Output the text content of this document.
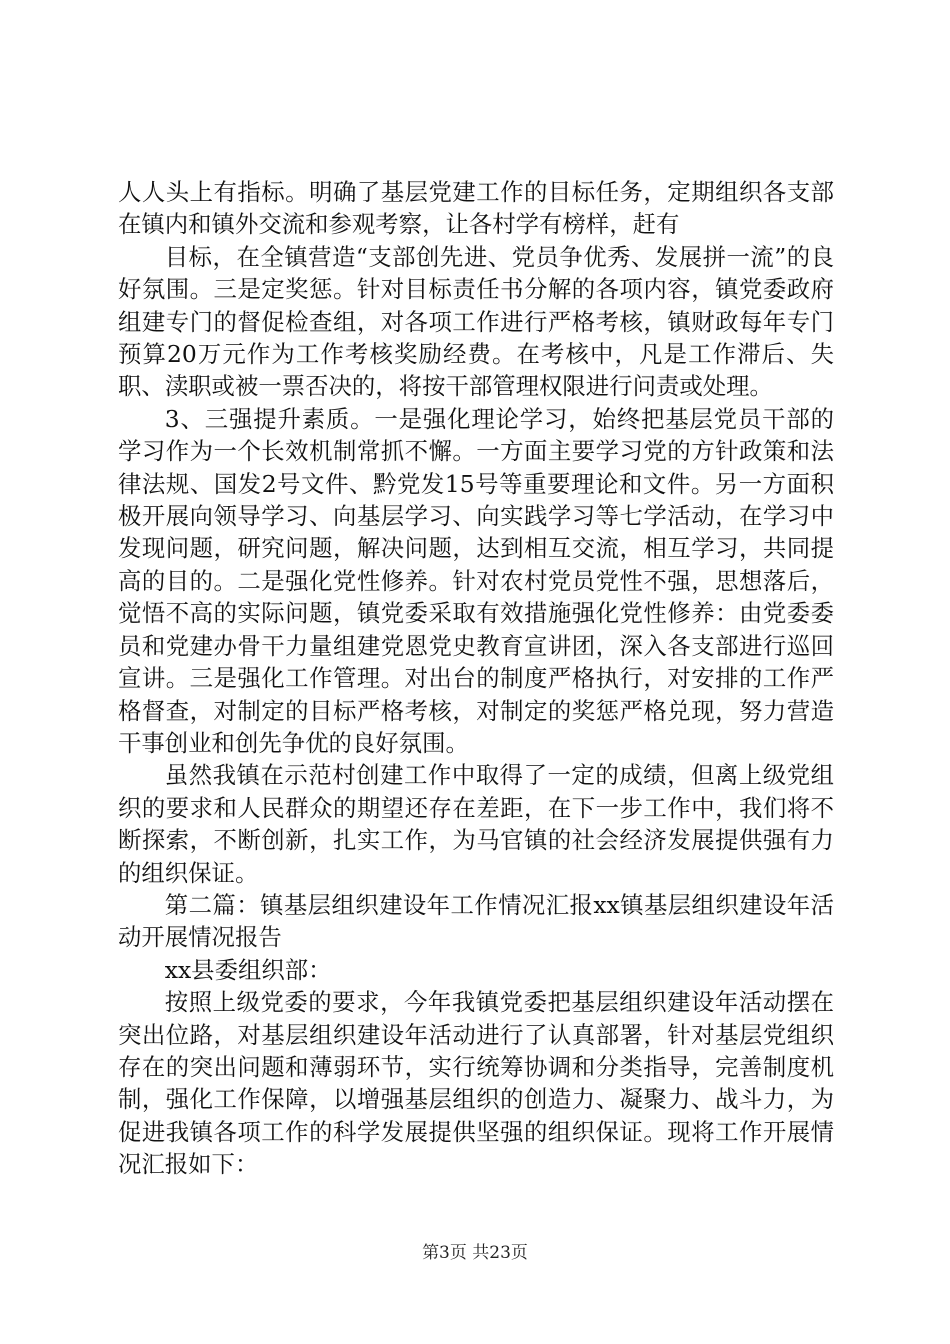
人人头上有指标。明确了基层党建工作的目标任务，定期组织各支部在镇内和镇外交流和参观考察，让各村学有榜样，赶有

目标，在全镇营造“支部创先进、党员争优秀、发展拼一流”的良好氛围。三是定奖惩。针对目标责任书分解的各项内容，镇党委政府组建专门的督促检查组，对各项工作进行严格考核，镇财政每年专门预算20万元作为工作考核奖励经费。在考核中，凡是工作滞后、失职、渎职或被一票否决的，将按干部管理权限进行问责或处理。

3、三强提升素质。一是强化理论学习，始终把基层党员干部的学习作为一个长效机制常抓不懈。一方面主要学习党的方针政策和法律法规、国发2号文件、黔党发15号等重要理论和文件。另一方面积极开展向领导学习、向基层学习、向实践学习等七学活动，在学习中发现问题，研究问题，解决问题，达到相互交流，相互学习，共同提高的目的。二是强化党性修养。针对农村党员党性不强，思想落后，觉悟不高的实际问题，镇党委采取有效措施强化党性修养：由党委委员和党建办骨干力量组建党恩党史教育宣讲团，深入各支部进行巡回宣讲。三是强化工作管理。对出台的制度严格执行，对安排的工作严格督查，对制定的目标严格考核，对制定的奖惩严格兑现，努力营造干事创业和创先争优的良好氛围。

虽然我镇在示范村创建工作中取得了一定的成绩，但离上级党组织的要求和人民群众的期望还存在差距，在下一步工作中，我们将不断探索，不断创新，扎实工作，为马官镇的社会经济发展提供强有力的组织保证。

第二篇：镇基层组织建设年工作情况汇报xx镇基层组织建设年活动开展情况报告

xx县委组织部：

按照上级党委的要求，今年我镇党委把基层组织建设年活动摆在突出位路，对基层组织建设年活动进行了认真部署，针对基层党组织存在的突出问题和薄弱环节，实行统筹协调和分类指导，完善制度机制，强化工作保障，以增强基层组织的创造力、凝聚力、战斗力，为促进我镇各项工作的科学发展提供坚强的组织保证。现将工作开展情况汇报如下：

第3页 共23页
